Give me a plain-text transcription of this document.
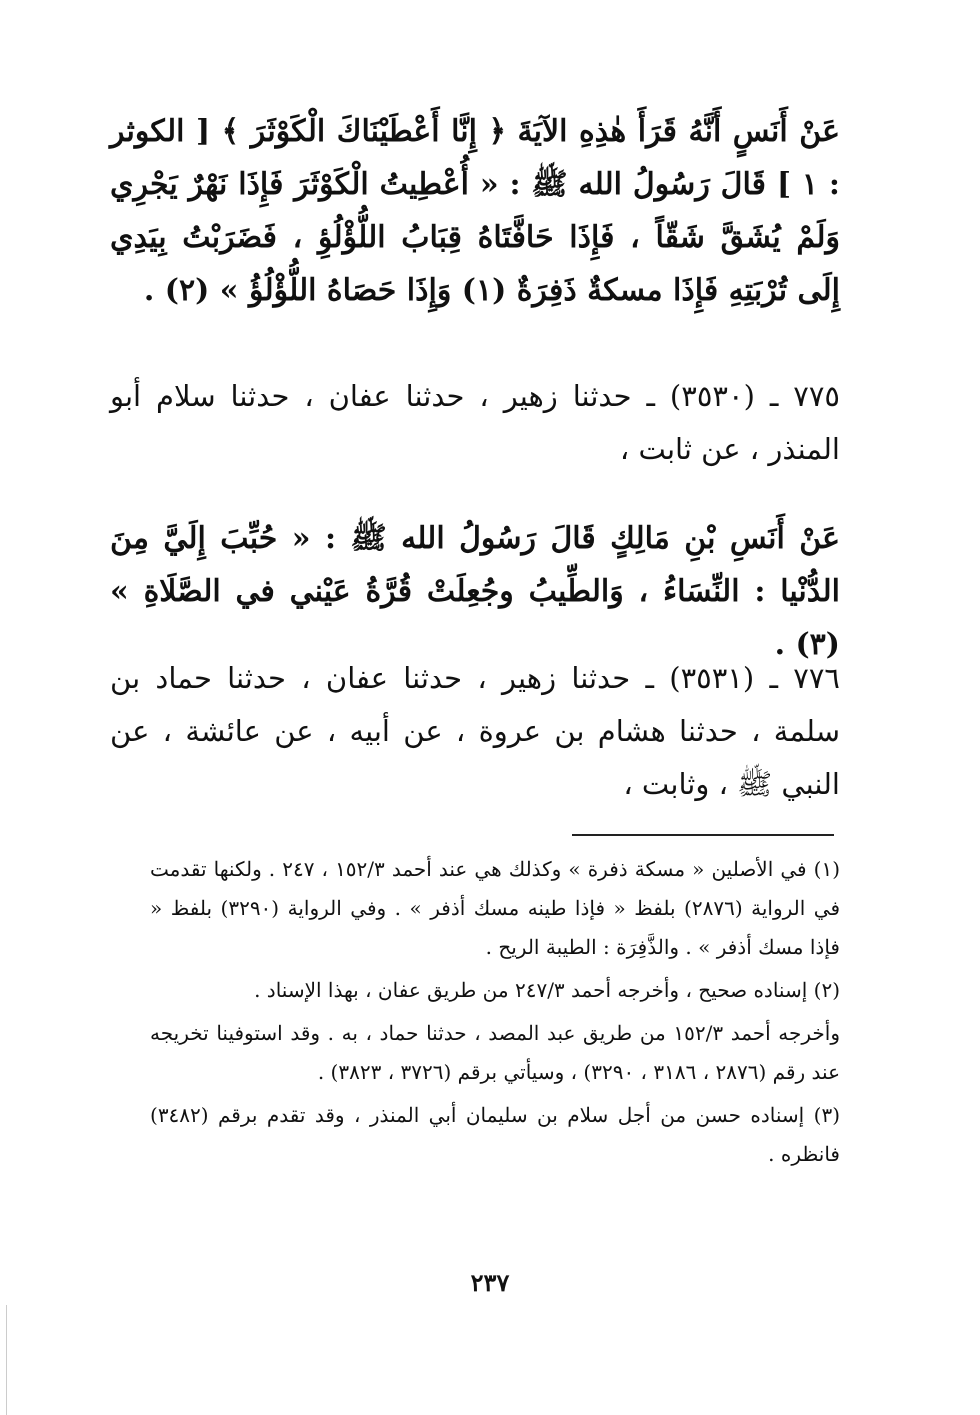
عَنْ أَنَسٍ أَنَّهُ قَرَأَ هٰذِهِ الآيَةَ ﴿ إِنَّا أَعْطَيْنَاكَ الْكَوْثَرَ ﴾ [ الكوثر : ١ ] قَالَ رَسُولُ الله ﷺ : « أُعْطِيتُ الْكَوْثَرَ فَإِذَا نَهْرٌ يَجْرِي وَلَمْ يُشَقَّ شَقّاً ، فَإِذَا حَافَّتَاهُ قِبَابُ اللُّؤْلُؤِ ، فَضَرَبْتُ بِيَدِي إِلَى تُرْبَتِهِ فَإِذَا مسكةٌ ذَفِرَةٌ (١) وَإِذَا حَصَاهُ اللُّؤْلُؤُ » (٢) .
٧٧٥ ـ (٣٥٣٠) ـ حدثنا زهير ، حدثنا عفان ، حدثنا سلام أبو المنذر ، عن ثابت ،
عَنْ أَنَسِ بْنِ مَالِكٍ قَالَ رَسُولُ الله ﷺ : « حُبِّبَ إِلَيَّ مِنَ الدُّنْيا : النِّسَاءُ ، وَالطِّيبُ وجُعِلَتْ قُرَّةُ عَيْني في الصَّلَاةِ » (٣) .
٧٧٦ ـ (٣٥٣١) ـ حدثنا زهير ، حدثنا عفان ، حدثنا حماد بن سلمة ، حدثنا هشام بن عروة ، عن أبيه ، عن عائشة ، عن النبي ﷺ ، وثابت ،

(١) في الأصلين « مسكة ذفرة » وكذلك هي عند أحمد ١٥٢/٣ ، ٢٤٧ . ولكنها تقدمت في الرواية (٢٨٧٦) بلفظ « فإذا طينه مسك أذفر » . وفي الرواية (٣٢٩٠) بلفظ « فإذا مسك أذفر » . والذَّفِرَة : الطيبة الريح .

(٢) إسناده صحيح ، وأخرجه أحمد ٢٤٧/٣ من طريق عفان ، بهذا الإسناد .

وأخرجه أحمد ١٥٢/٣ من طريق عبد المصد ، حدثنا حماد ، به . وقد استوفينا تخريجه عند رقم (٢٨٧٦ ، ٣١٨٦ ، ٣٢٩٠) ، وسيأتي برقم (٣٧٢٦ ، ٣٨٢٣) .

(٣) إسناده حسن من أجل سلام بن سليمان أبي المنذر ، وقد تقدم برقم (٣٤٨٢) فانظره .

٢٣٧
